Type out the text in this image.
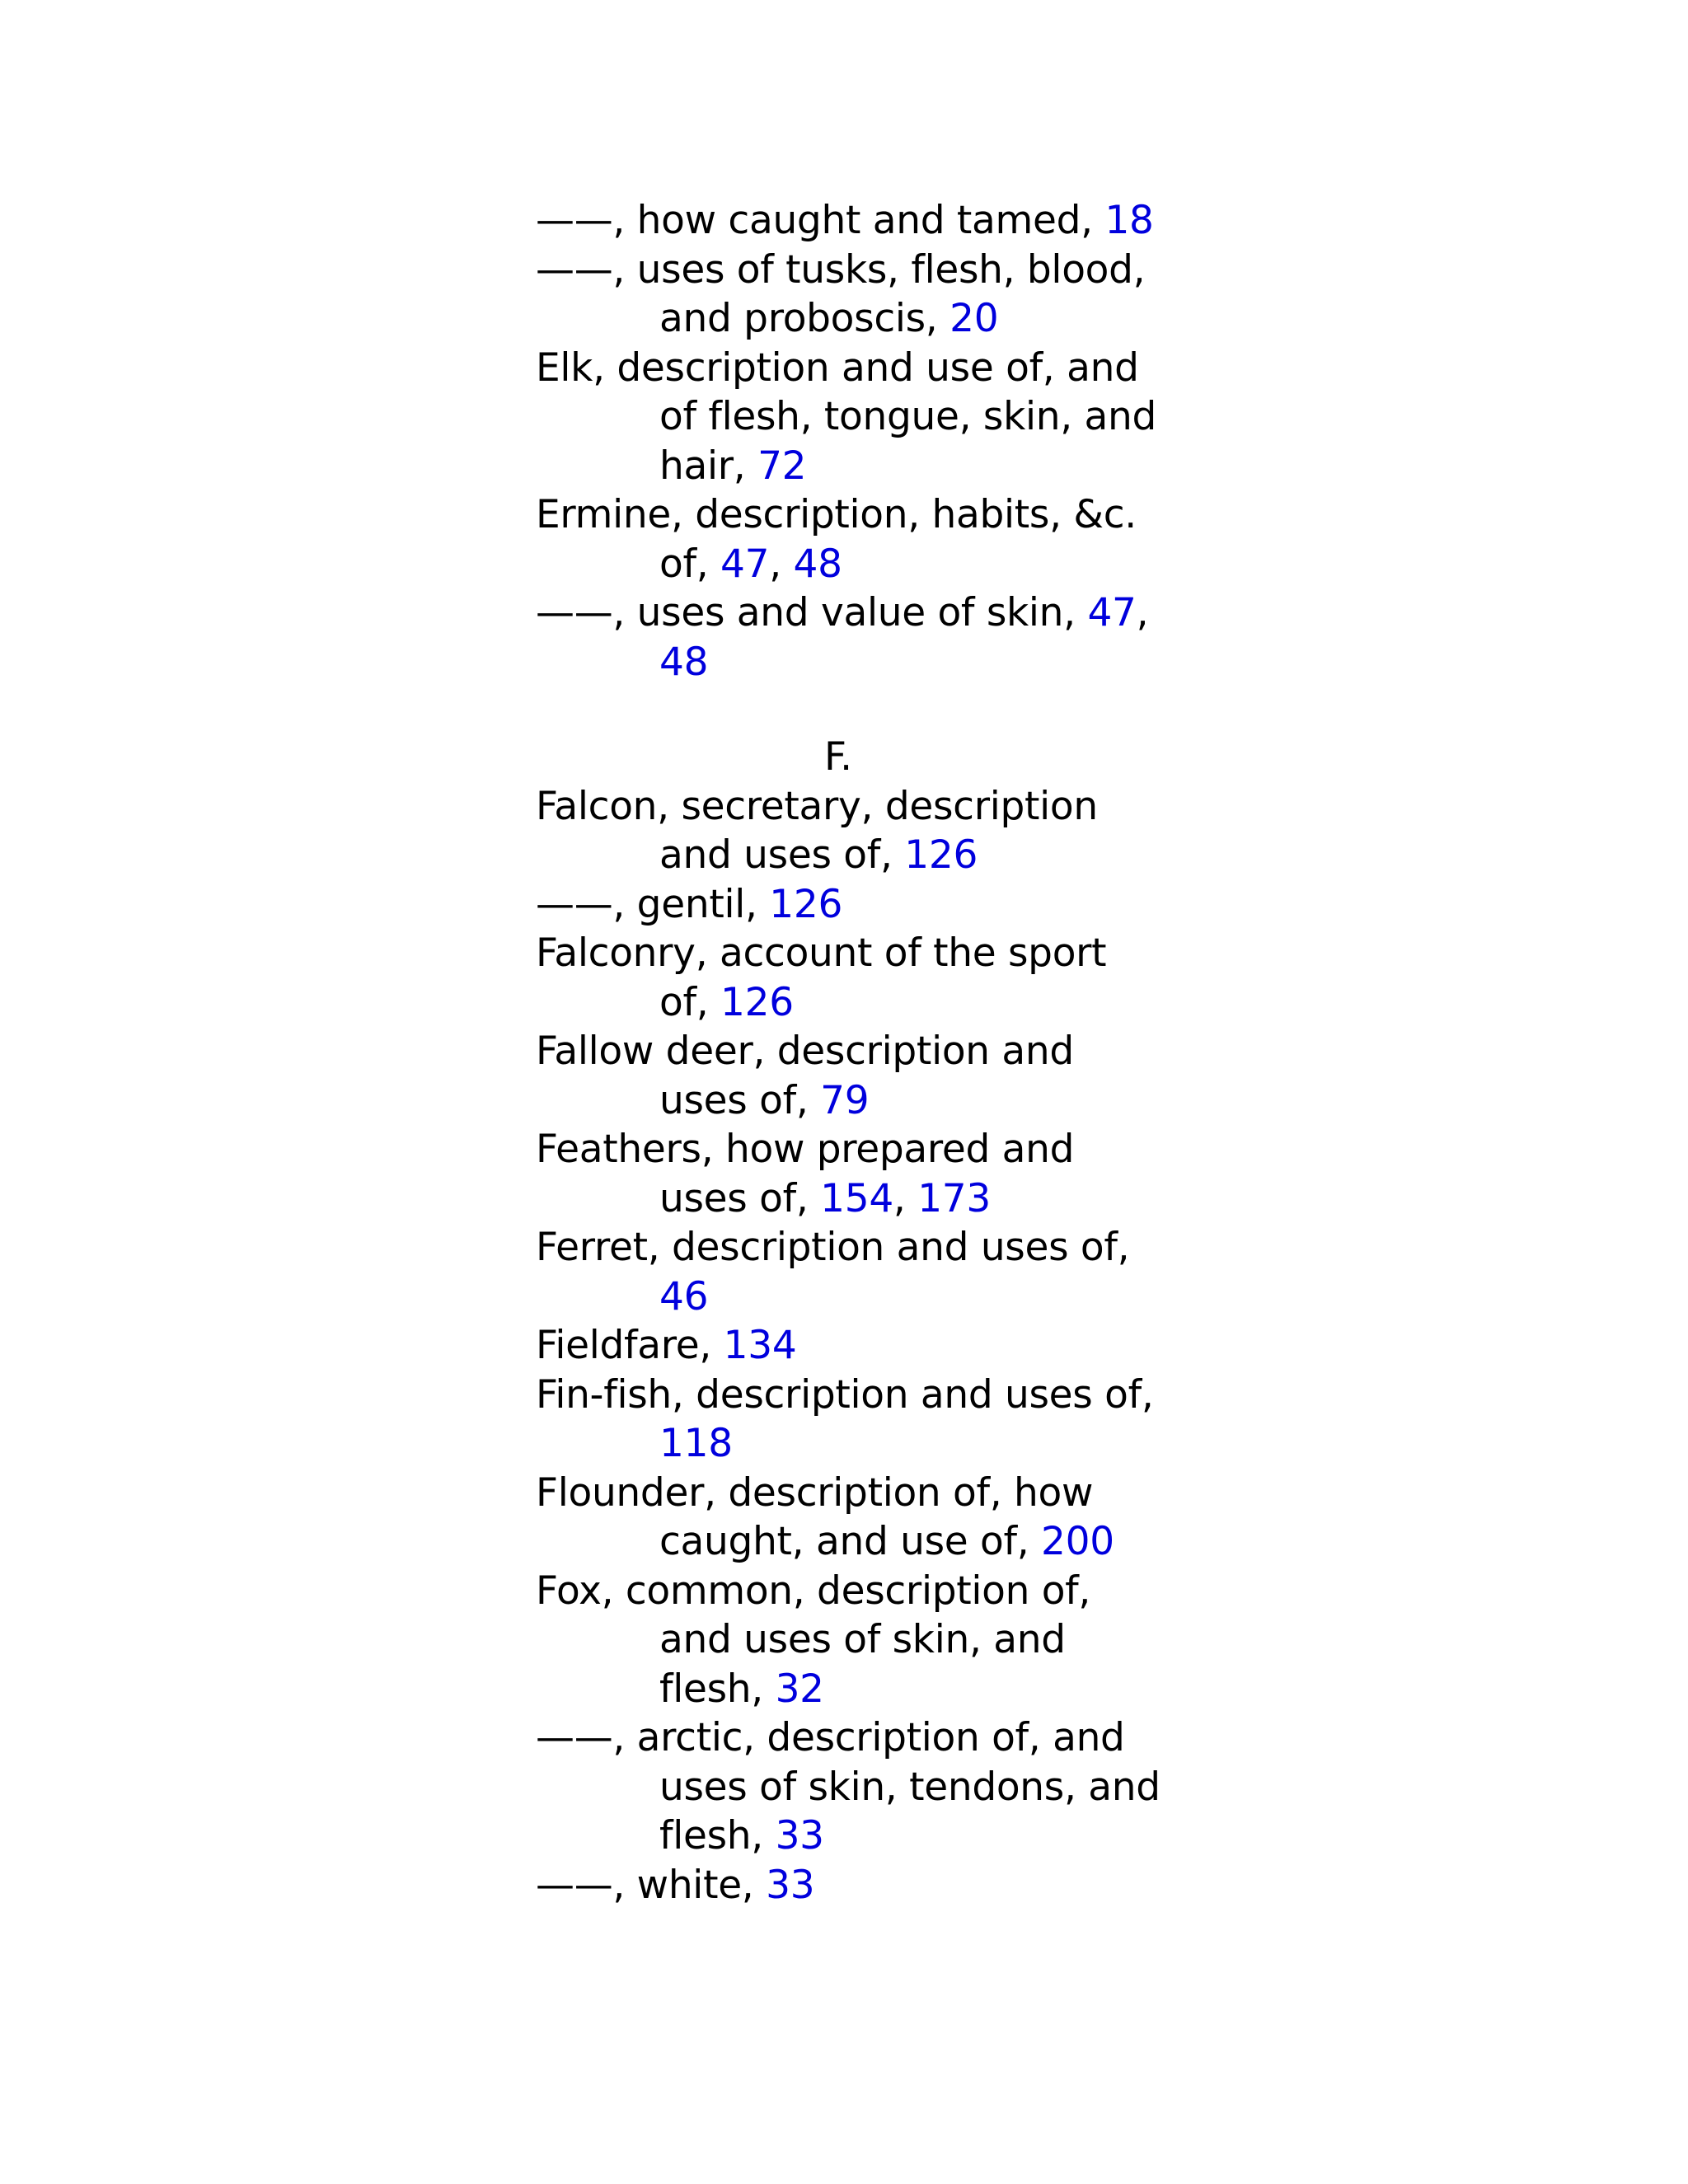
——, how caught and tamed, 18

——, uses of tusks, flesh, blood, and proboscis, 20

Elk, description and use of, and of flesh, tongue, skin, and hair, 72

Ermine, description, habits, &c. of, 47, 48

——, uses and value of skin, 47, 48

F.

Falcon, secretary, description and uses of, 126

——, gentil, 126

Falconry, account of the sport of, 126

Fallow deer, description and uses of, 79

Feathers, how prepared and uses of, 154, 173

Ferret, description and uses of, 46

Fieldfare, 134

Fin-fish, description and uses of, 118

Flounder, description of, how caught, and use of, 200

Fox, common, description of, and uses of skin, and flesh, 32

——, arctic, description of, and uses of skin, tendons, and flesh, 33

——, white, 33
